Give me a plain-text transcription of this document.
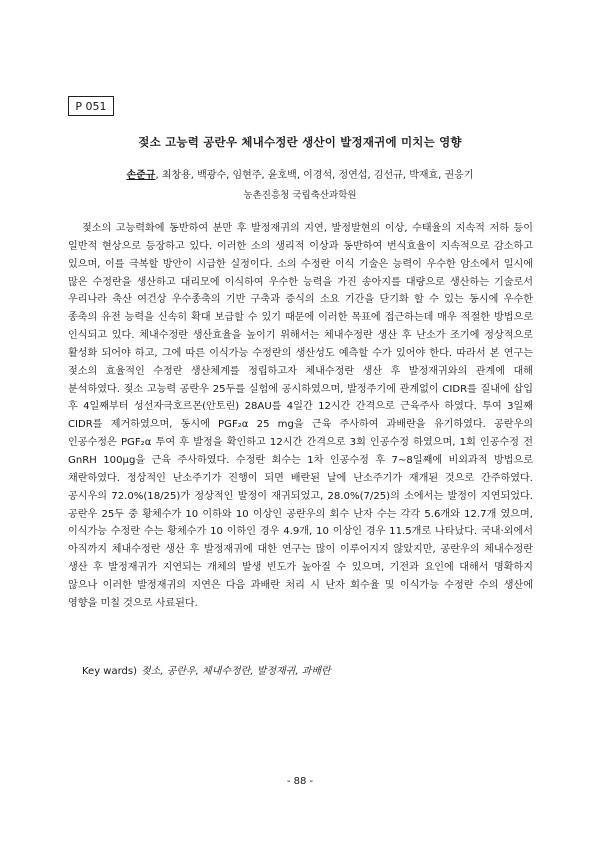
P 051
젖소 고능력 공란우 체내수정란 생산이 발정재귀에 미치는 영향
손준규, 최창용, 백광수, 임현주, 윤호백, 이경석, 정연섭, 김선규, 박재효, 권응기
농촌진흥청 국립축산과학원

젖소의 고능력화에 동반하여 분만 후 발정재귀의 지연, 발정발현의 이상, 수태율의 지속적 저하 등이 일반적 현상으로 등장하고 있다. 이러한 소의 생리적 이상과 동반하여 번식효율이 지속적으로 감소하고 있으며, 이를 극복할 방안이 시급한 실정이다. 소의 수정란 이식 기술은 능력이 우수한 암소에서 일시에 많은 수정란을 생산하고 대리모에 이식하여 우수한 능력을 가진 송아지를 대량으로 생산하는 기술로서 우리나라 축산 여건상 우수종축의 기반 구축과 증식의 소요 기간을 단기화 할 수 있는 동시에 우수한 종축의 유전 능력을 신속히 확대 보급할 수 있기 때문에 이러한 목표에 접근하는데 매우 적절한 방법으로 인식되고 있다. 체내수정란 생산효율을 높이기 위해서는 체내수정란 생산 후 난소가 조기에 정상적으로 활성화 되어야 하고, 그에 따른 이식가능 수정란의 생산성도 예측할 수가 있어야 한다. 따라서 본 연구는 젖소의 효율적인 수정란 생산체계를 정립하고자 체내수정란 생산 후 발정재귀와의 관계에 대해 분석하였다. 젖소 고능력 공란우 25두를 실험에 공시하였으며, 발정주기에 관계없이 CIDR를 질내에 삽입 후 4일째부터 성선자극호르몬(안토린) 28AU를 4일간 12시간 간격으로 근육주사 하였다. 투여 3일째 CIDR를 제거하였으며, 동시에 PGF₂α 25 mg을 근육 주사하여 과배란을 유기하였다. 공란우의 인공수정은 PGF₂α 투여 후 발정을 확인하고 12시간 간격으로 3회 인공수정 하였으며, 1회 인공수정 전 GnRH 100μg을 근육 주사하였다. 수정란 회수는 1차 인공수정 후 7∼8일째에 비외과적 방법으로 채란하였다. 정상적인 난소주기가 진행이 되면 배란된 날에 난소주기가 재개된 것으로 간주하였다. 공시우의 72.0%(18/25)가 정상적인 발정이 재귀되었고, 28.0%(7/25)의 소에서는 발정이 지연되었다. 공란우 25두 중 황체수가 10 이하와 10 이상인 공란우의 회수 난자 수는 각각 5.6개와 12.7개 였으며, 이식가능 수정란 수는 황체수가 10 이하인 경우 4.9개, 10 이상인 경우 11.5개로 나타났다. 국내·외에서 아직까지 체내수정란 생산 후 발정재귀에 대한 연구는 많이 이루어지지 않았지만, 공란우의 체내수정란 생산 후 발정재귀가 지연되는 개체의 발생 빈도가 높아질 수 있으며, 기전과 요인에 대해서 명확하지 않으나 이러한 발정재귀의 지연은 다음 과배란 처리 시 난자 회수율 및 이식가능 수정란 수의 생산에 영향을 미칠 것으로 사료된다.

Key wards) 젖소, 공란우, 체내수정란, 발정재귀, 과배란
- 88 -
